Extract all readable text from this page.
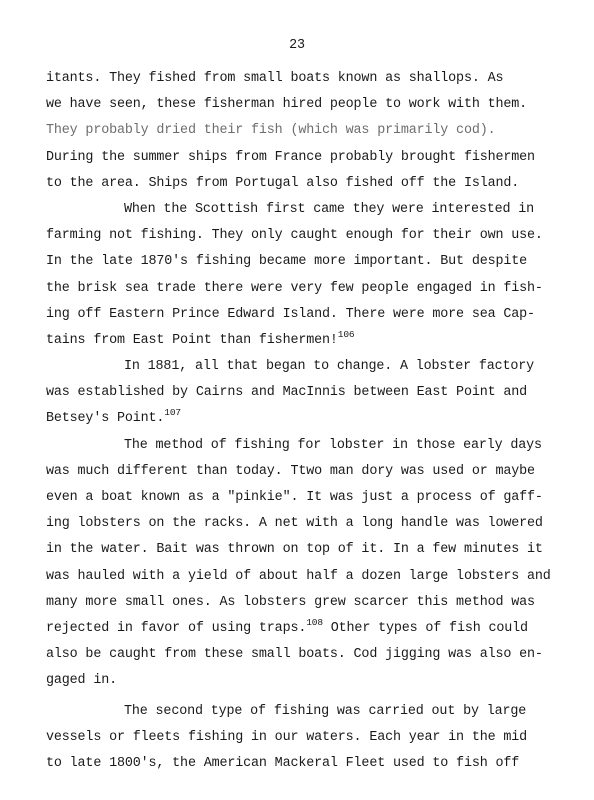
23
itants. They fished from small boats known as shallops. As
we have seen, these fisherman hired people to work with them.
They probably dried their fish (which was primarily cod).
During the summer ships from France probably brought fishermen
to the area. Ships from Portugal also fished off the Island.
When the Scottish first came they were interested in
farming not fishing. They only caught enough for their own use.
In the late 1870's fishing became more important. But despite
the brisk sea trade there were very few people engaged in fish-
ing off Eastern Prince Edward Island. There were more sea Cap-
tains from East Point than fishermen!$^{106}$
In 1881, all that began to change. A lobster factory
was established by Cairns and MacInnis between East Point and
Betsey's Point.$^{107}$
The method of fishing for lobster in those early days
was much different than today. Ttwo man dory was used or maybe
even a boat known as a "pinkie". It was just a process of gaff-
ing lobsters on the racks. A net with a long handle was lowered
in the water. Bait was thrown on top of it. In a few minutes it
was hauled with a yield of about half a dozen large lobsters and
many more small ones. As lobsters grew scarcer this method was
rejected in favor of using traps.$^{108}$ Other types of fish could
also be caught from these small boats. Cod jigging was also en-
gaged in.
The second type of fishing was carried out by large
vessels or fleets fishing in our waters. Each year in the mid
to late 1800's, the American Mackeral Fleet used to fish off
